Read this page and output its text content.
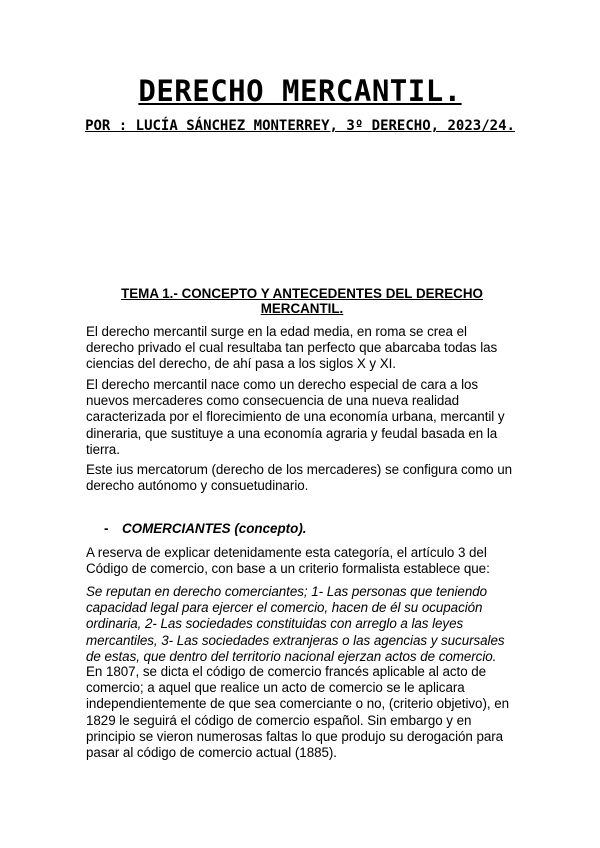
DERECHO MERCANTIL.

POR : LUCÍA SÁNCHEZ MONTERREY, 3º DERECHO, 2023/24.

TEMA 1.- CONCEPTO Y ANTECEDENTES DEL DERECHO MERCANTIL.

El derecho mercantil surge en la edad media, en roma se crea el derecho privado el cual resultaba tan perfecto que abarcaba todas las ciencias del derecho, de ahí pasa a los siglos X y XI.

El derecho mercantil nace como un derecho especial de cara a los nuevos mercaderes como consecuencia de una nueva realidad caracterizada por el florecimiento de una economía urbana, mercantil y dineraria, que sustituye a una economía agraria y feudal basada en la tierra.

Este ius mercatorum (derecho de los mercaderes) se configura como un derecho autónomo y consuetudinario.

- COMERCIANTES (concepto).

A reserva de explicar detenidamente esta categoría, el artículo 3 del Código de comercio, con base a un criterio formalista establece que:

Se reputan en derecho comerciantes; 1- Las personas que teniendo capacidad legal para ejercer el comercio, hacen de él su ocupación ordinaria, 2- Las sociedades constituidas con arreglo a las leyes mercantiles, 3- Las sociedades extranjeras o las agencias y sucursales de estas, que dentro del territorio nacional ejerzan actos de comercio.

En 1807, se dicta el código de comercio francés aplicable al acto de comercio; a aquel que realice un acto de comercio se le aplicara independientemente de que sea comerciante o no, (criterio objetivo), en 1829 le seguirá el código de comercio español. Sin embargo y en principio se vieron numerosas faltas lo que produjo su derogación para pasar al código de comercio actual (1885).
